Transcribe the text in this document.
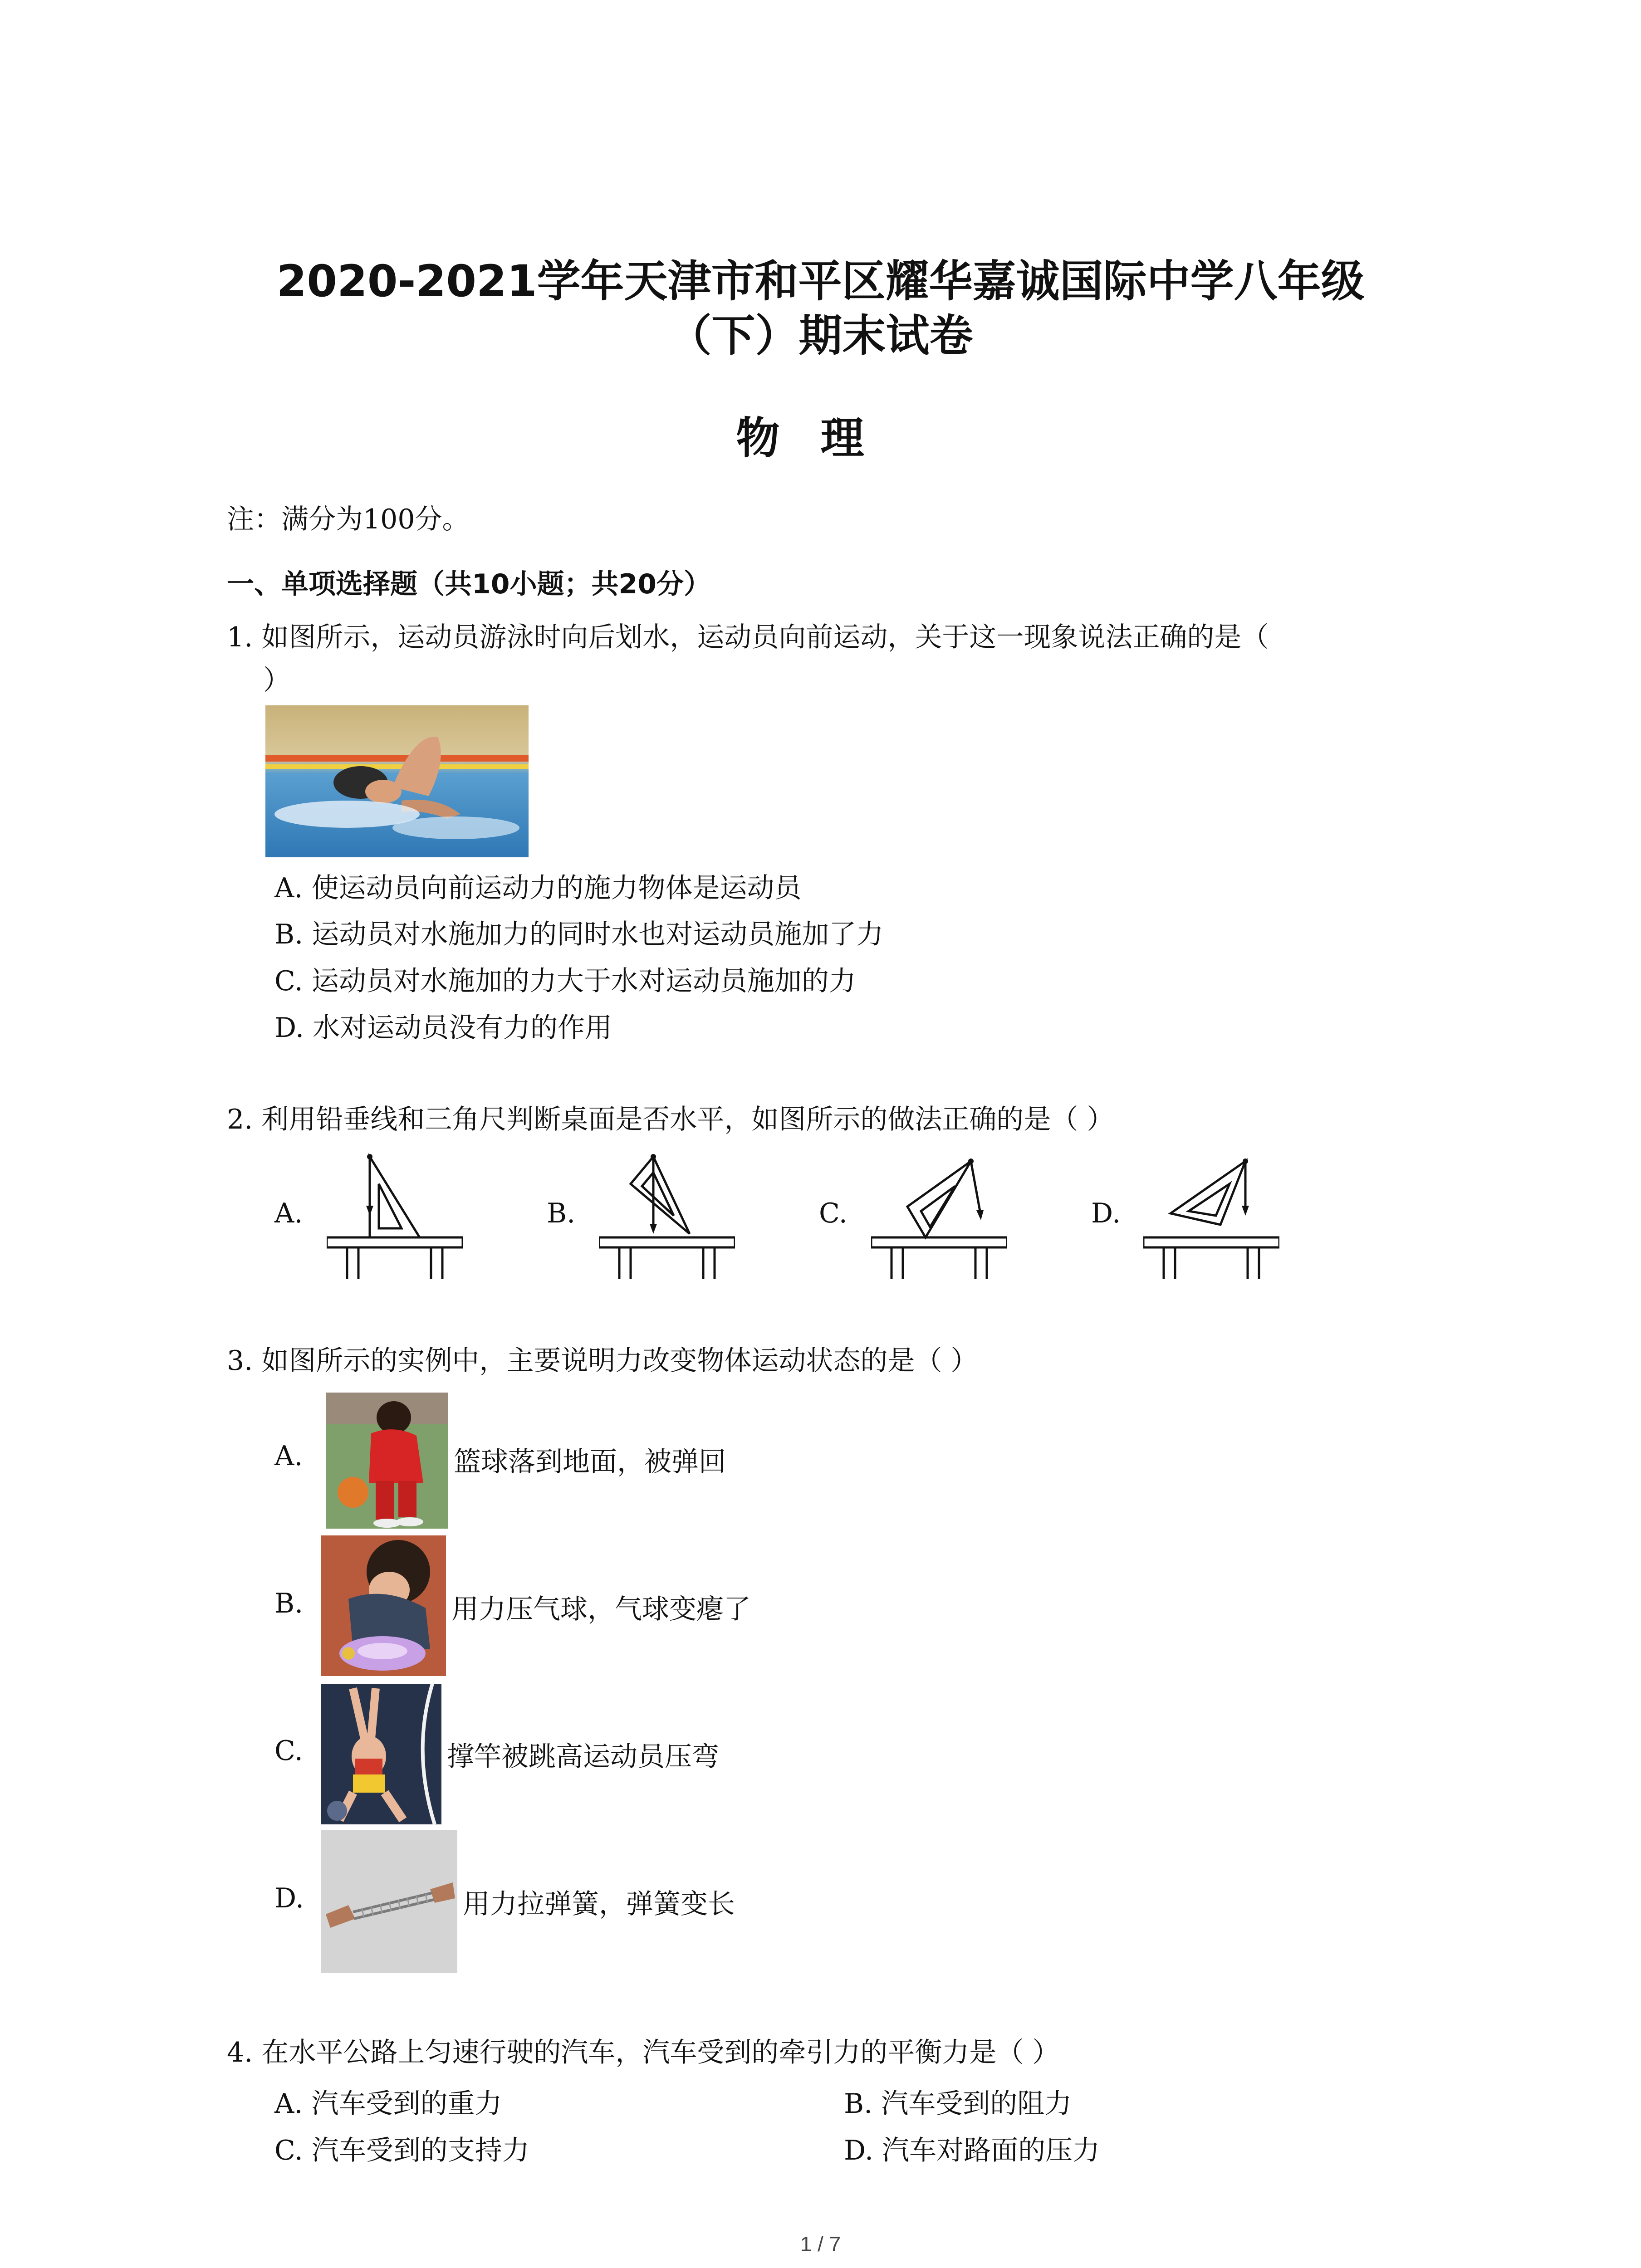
2020-2021学年天津市和平区耀华嘉诚国际中学八年级
（下）期末试卷
物理
注：满分为100分。
一、单项选择题（共10小题；共20分）
1. 如图所示，运动员游泳时向后划水，运动员向前运动，关于这一现象说法正确的是（
）
A. 使运动员向前运动力的施力物体是运动员
B. 运动员对水施加力的同时水也对运动员施加了力
C. 运动员对水施加的力大于水对运动员施加的力
D. 水对运动员没有力的作用
2. 利用铅垂线和三角尺判断桌面是否水平，如图所示的做法正确的是（ ）
A.	B.	C.	D.
3. 如图所示的实例中，主要说明力改变物体运动状态的是（ ）
A.	篮球落到地面，被弹回
B.	用力压气球，气球变瘪了
C.	撑竿被跳高运动员压弯
D.	用力拉弹簧，弹簧变长
4. 在水平公路上匀速行驶的汽车，汽车受到的牵引力的平衡力是（ ）
A. 汽车受到的重力	B. 汽车受到的阻力
C. 汽车受到的支持力	D. 汽车对路面的压力
1 / 7
